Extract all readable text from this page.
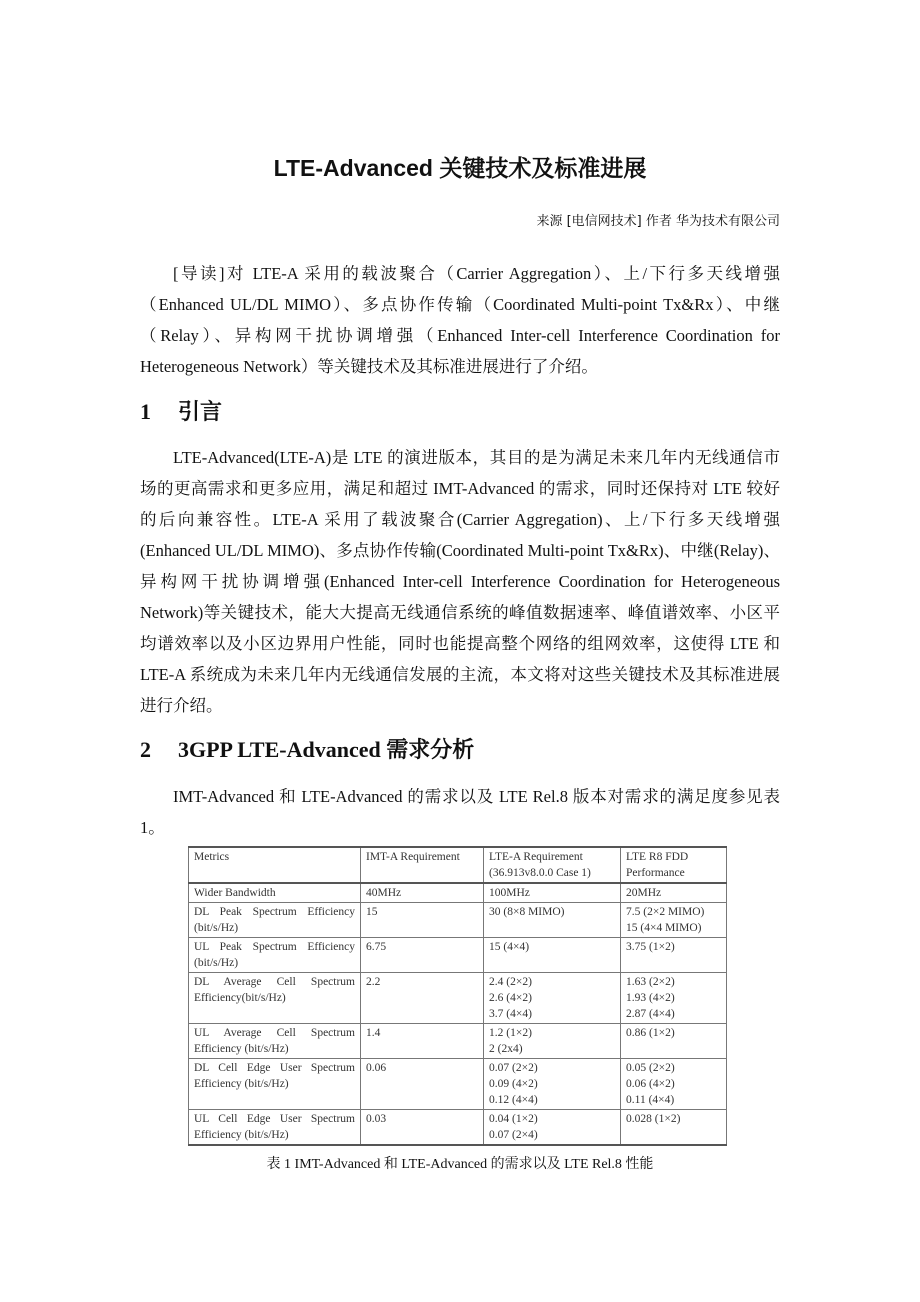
LTE-Advanced 关键技术及标准进展
来源 [电信网技术] 作者 华为技术有限公司

[导读]对 LTE-A 采用的载波聚合（Carrier Aggregation）、上/下行多天线增强（Enhanced UL/DL MIMO）、多点协作传输（Coordinated Multi-point Tx&Rx）、中继（Relay）、异构网干扰协调增强（Enhanced Inter-cell Interference Coordination for Heterogeneous Network）等关键技术及其标准进展进行了介绍。

1 引言

LTE-Advanced(LTE-A)是 LTE 的演进版本，其目的是为满足未来几年内无线通信市场的更高需求和更多应用，满足和超过 IMT-Advanced 的需求，同时还保持对 LTE 较好的后向兼容性。LTE-A 采用了载波聚合(Carrier Aggregation)、上/下行多天线增强(Enhanced UL/DL MIMO)、多点协作传输(Coordinated Multi-point Tx&Rx)、中继(Relay)、异构网干扰协调增强(Enhanced Inter-cell Interference Coordination for Heterogeneous Network)等关键技术，能大大提高无线通信系统的峰值数据速率、峰值谱效率、小区平均谱效率以及小区边界用户性能，同时也能提高整个网络的组网效率，这使得 LTE 和 LTE-A 系统成为未来几年内无线通信发展的主流，本文将对这些关键技术及其标准进展进行介绍。

2 3GPP LTE-Advanced 需求分析

IMT-Advanced 和 LTE-Advanced 的需求以及 LTE Rel.8 版本对需求的满足度参见表 1。

Metrics	IMT-A Requirement	LTE-A Requirement (36.913v8.0.0 Case 1)	LTE R8 FDD Performance
Wider Bandwidth	40MHz	100MHz	20MHz
DL Peak Spectrum Efficiency (bit/s/Hz)	15	30 (8×8 MIMO)	7.5 (2×2 MIMO)
15 (4×4 MIMO)
UL Peak Spectrum Efficiency (bit/s/Hz)	6.75	15 (4×4)	3.75 (1×2)
DL Average Cell Spectrum Efficiency(bit/s/Hz)	2.2	2.4 (2×2)
2.6 (4×2)
3.7 (4×4)	1.63 (2×2)
1.93 (4×2)
2.87 (4×4)
UL Average Cell Spectrum Efficiency (bit/s/Hz)	1.4	1.2 (1×2)
2 (2x4)	0.86 (1×2)
DL Cell Edge User Spectrum Efficiency (bit/s/Hz)	0.06	0.07 (2×2)
0.09 (4×2)
0.12 (4×4)	0.05 (2×2)
0.06 (4×2)
0.11 (4×4)
UL Cell Edge User Spectrum Efficiency (bit/s/Hz)	0.03	0.04 (1×2)
0.07 (2×4)	0.028 (1×2)
表 1 IMT-Advanced 和 LTE-Advanced 的需求以及 LTE Rel.8 性能
